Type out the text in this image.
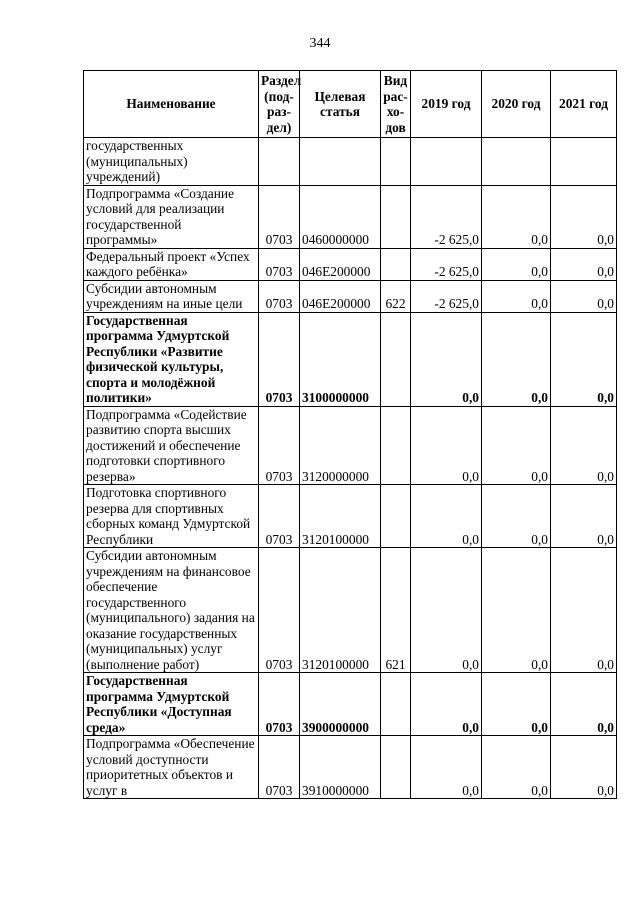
344
Наименование	Раздел (под-раз-дел)	Целевая статья	Вид рас-хо-дов	2019 год	2020 год	2021 год
государственных (муниципальных) учреждений)						
Подпрограмма «Создание условий для реализации государственной программы»	0703	0460000000		-2 625,0	0,0	0,0
Федеральный проект «Успех каждого ребёнка»	0703	046E200000		-2 625,0	0,0	0,0
Субсидии автономным учреждениям на иные цели	0703	046E200000	622	-2 625,0	0,0	0,0
Государственная программа Удмуртской Республики «Развитие физической культуры, спорта и молодёжной политики»	0703	3100000000		0,0	0,0	0,0
Подпрограмма «Содействие развитию спорта высших достижений и обеспечение подготовки спортивного резерва»	0703	3120000000		0,0	0,0	0,0
Подготовка спортивного резерва для спортивных сборных команд Удмуртской Республики	0703	3120100000		0,0	0,0	0,0
Субсидии автономным учреждениям на финансовое обеспечение государственного (муниципального) задания на оказание государственных (муниципальных) услуг (выполнение работ)	0703	3120100000	621	0,0	0,0	0,0
Государственная программа Удмуртской Республики «Доступная среда»	0703	3900000000		0,0	0,0	0,0
Подпрограмма «Обеспечение условий доступности приоритетных объектов и услуг в	0703	3910000000		0,0	0,0	0,0
